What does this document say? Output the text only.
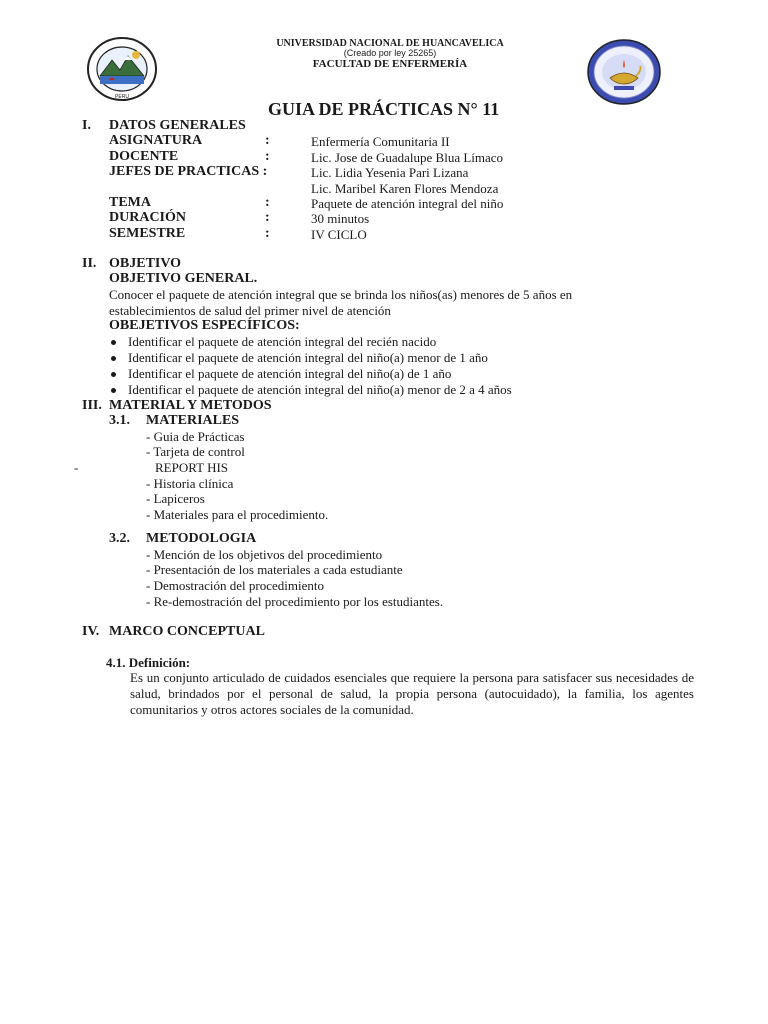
PERU
UNIVERSIDAD NACIONAL DE HUANCAVELICA
(Creado por ley 25265)
FACULTAD DE ENFERMERÍA
GUIA DE PRÁCTICAS N° 11
I. DATOS GENERALES
ASIGNATURA	:	Enfermería Comunitaria II
DOCENTE	:	Lic. Jose de Guadalupe Blua Límaco
JEFES DE PRACTICAS :	Lic. Lidia Yesenia Pari Lizana
Lic. Maribel Karen Flores Mendoza
TEMA	:	Paquete de atención integral del niño
DURACIÓN	:	30 minutos
SEMESTRE	:	IV CICLO
II. OBJETIVO
OBJETIVO GENERAL.
Conocer el paquete de atención integral que se brinda los niños(as) menores de 5 años en
establecimientos de salud del primer nivel de atención
OBEJETIVOS ESPECÍFICOS:
Identificar el paquete de atención integral del recién nacido
Identificar el paquete de atención integral del niño(a) menor de 1 año
Identificar el paquete de atención integral del niño(a) de 1 año
Identificar el paquete de atención integral del niño(a) menor de 2 a 4 años
III. MATERIAL Y METODOS
3.1. MATERIALES
- Guia de Prácticas
- Tarjeta de control
-	REPORT HIS
- Historia clínica
- Lapiceros
- Materiales para el procedimiento.
3.2. METODOLOGIA
- Mención de los objetivos del procedimiento
- Presentación de los materiales a cada estudiante
- Demostración del procedimiento
- Re-demostración del procedimiento por los estudiantes.
IV. MARCO CONCEPTUAL
4.1. Definición:
Es un conjunto articulado de cuidados esenciales que requiere la persona para satisfacer sus necesidades de salud, brindados por el personal de salud, la propia persona (autocuidado), la familia, los agentes comunitarios y otros actores sociales de la comunidad.
